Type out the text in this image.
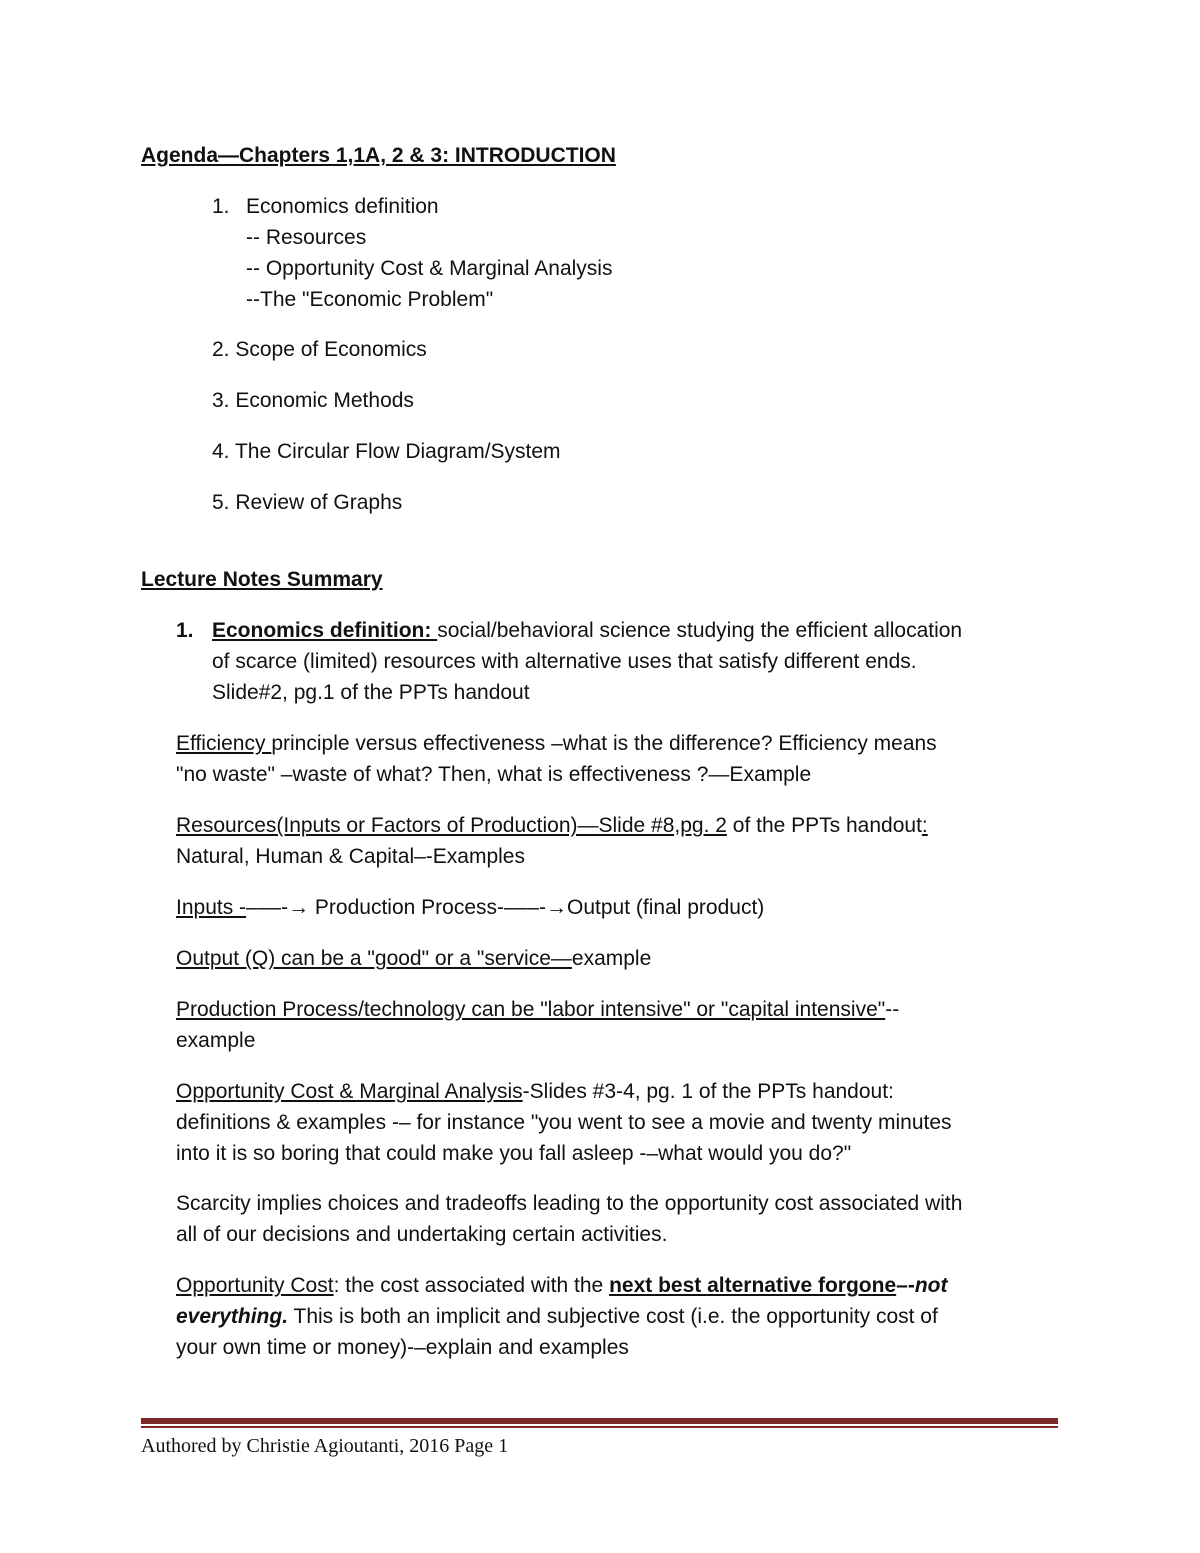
Agenda—Chapters 1,1A, 2 & 3: INTRODUCTION
1. Economics definition
-- Resources
-- Opportunity Cost & Marginal Analysis
--The "Economic Problem"
2. Scope of Economics
3. Economic Methods
4. The Circular Flow Diagram/System
5. Review of Graphs
Lecture Notes Summary
1. Economics definition: social/behavioral science studying the efficient allocation
of scarce (limited) resources with alternative uses that satisfy different ends.
Slide#2, pg.1 of the PPTs handout
Efficiency principle versus effectiveness –what is the difference? Efficiency means
"no waste" –waste of what? Then, what is effectiveness ?—Example
Resources(Inputs or Factors of Production)—Slide #8,pg. 2 of the PPTs handout:
Natural, Human & Capital–-Examples
Inputs -–––-→ Production Process-–––-→Output (final product)
Output (Q) can be a "good" or a "service—example
Production Process/technology can be "labor intensive" or "capital intensive"--
example
Opportunity Cost & Marginal Analysis-Slides #3-4, pg. 1 of the PPTs handout:
definitions & examples -– for instance "you went to see a movie and twenty minutes
into it is so boring that could make you fall asleep -–what would you do?"
Scarcity implies choices and tradeoffs leading to the opportunity cost associated with
all of our decisions and undertaking certain activities.
Opportunity Cost: the cost associated with the next best alternative forgone–-not
everything. This is both an implicit and subjective cost (i.e. the opportunity cost of
your own time or money)-–explain and examples
Authored by Christie Agioutanti, 2016 Page 1
